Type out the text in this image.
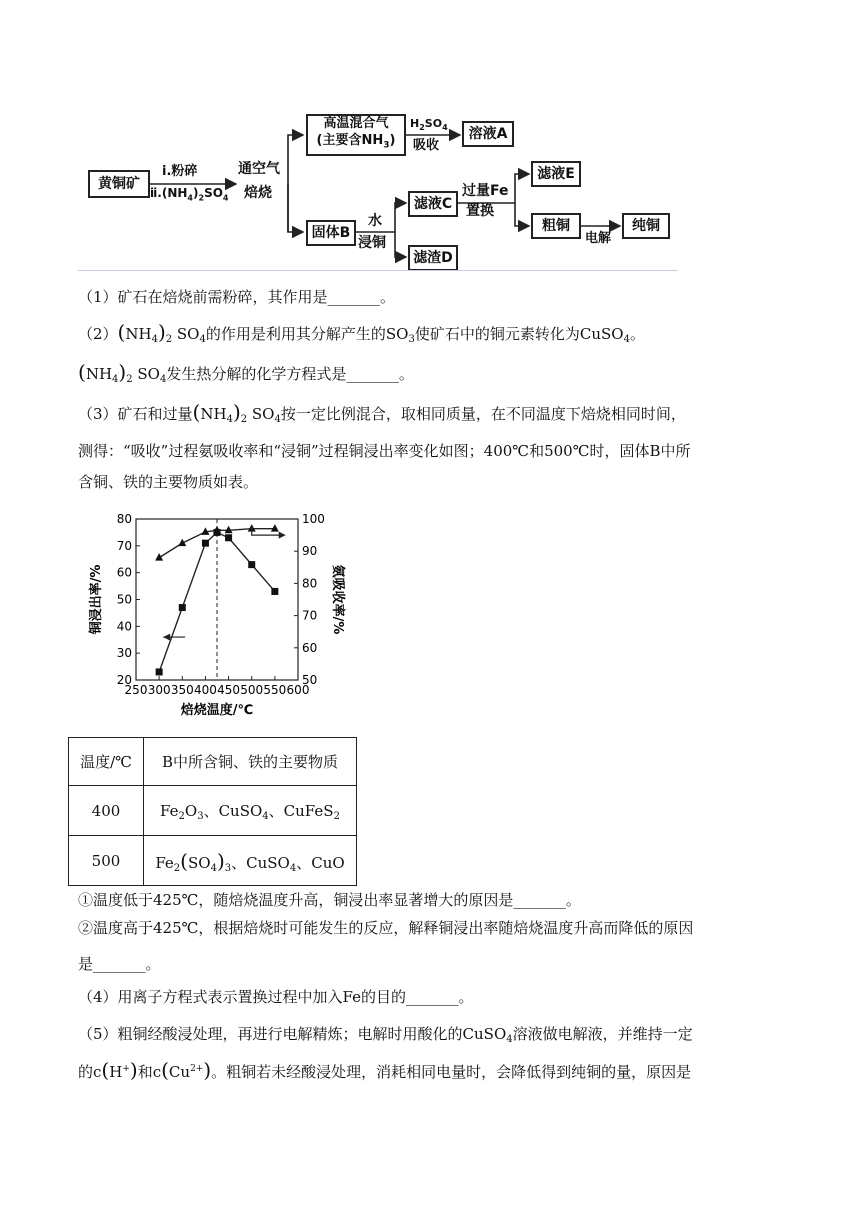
黄铜矿
ⅰ.粉碎
$ⅱ.(NH_4)_2SO_4$
通空气
焙烧
高温混合气
(主要含$NH_3$)
$H_2SO_4$
吸收
溶液A
固体B
水
浸铜
滤液C
滤渣D
过量Fe
置换
滤液E
粗铜
电解
纯铜
（1）矿石在焙烧前需粉碎，其作用是_______。
$(2)(NH_4)_2$ $SO_4$的作用是利用其分解产生的$SO_3$使矿石中的铜元素转化为CuSO$_4$。
$(NH_4)_2$ $SO_4$发生热分解的化学方程式是_______。
（3）矿石和过量$(NH_4)_2$ $SO_4$按一定比例混合，取相同质量，在不同温度下焙烧相同时间，
测得：“吸收”过程氨吸收率和“浸铜”过程铜浸出率变化如图；400℃和500℃时，固体B中所
含铜、铁的主要物质如表。
250 300 350 400 450 500 550 600
20
30
40
50
60
70
80
50
60
70
80
90
100
焙烧温度/℃
铜浸出率/%	氨吸收率/%
温度/℃	B中所含铜、铁的主要物质
400	$Fe_2O_3$、CuSO$_4$、CuFeS$_2$
500	$Fe_2(SO_4)_3$、CuSO$_4$、CuO
①温度低于425℃，随焙烧温度升高，铜浸出率显著增大的原因是_______。
②温度高于425℃，根据焙烧时可能发生的反应，解释铜浸出率随焙烧温度升高而降低的原因
是_______。
（4）用离子方程式表示置换过程中加入Fe的目的_______。
（5）粗铜经酸浸处理，再进行电解精炼；电解时用酸化的CuSO$_4$溶液做电解液，并维持一定
的c(H+)和$c(Cu^{2+})$。粗铜若未经酸浸处理，消耗相同电量时，会降低得到纯铜的量，原因是
